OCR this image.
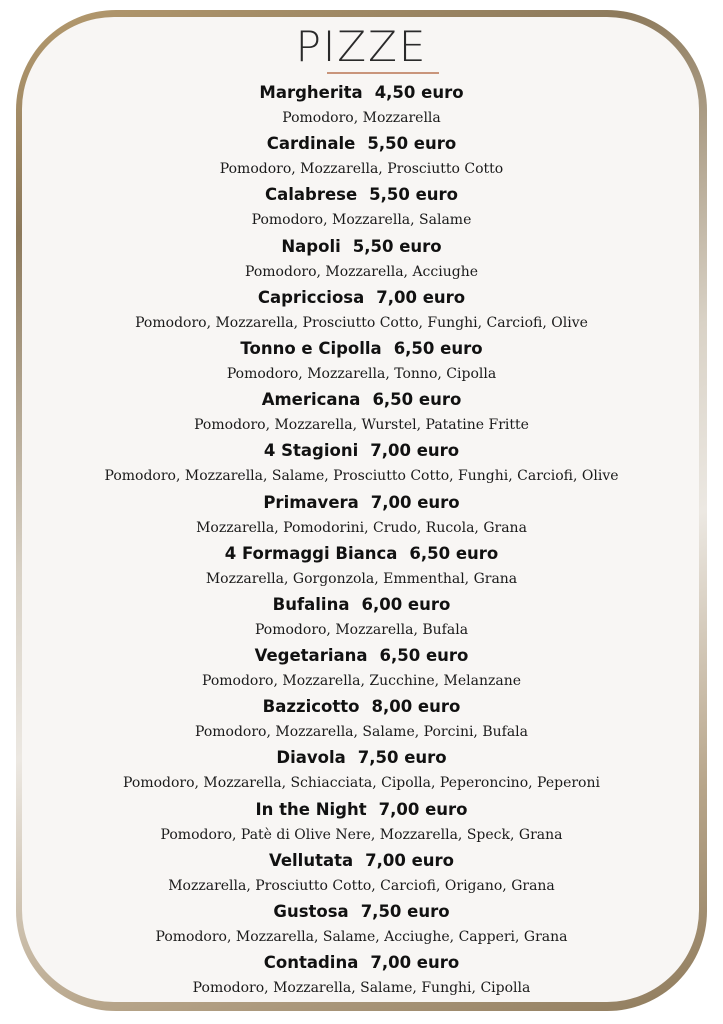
PIZZE
Margherita 4,50 euro
Pomodoro, Mozzarella
Cardinale 5,50 euro
Pomodoro, Mozzarella, Prosciutto Cotto
Calabrese 5,50 euro
Pomodoro, Mozzarella, Salame
Napoli 5,50 euro
Pomodoro, Mozzarella, Acciughe
Capricciosa 7,00 euro
Pomodoro, Mozzarella, Prosciutto Cotto, Funghi, Carciofi, Olive
Tonno e Cipolla 6,50 euro
Pomodoro, Mozzarella, Tonno, Cipolla
Americana 6,50 euro
Pomodoro, Mozzarella, Wurstel, Patatine Fritte
4 Stagioni 7,00 euro
Pomodoro, Mozzarella, Salame, Prosciutto Cotto, Funghi, Carciofi, Olive
Primavera 7,00 euro
Mozzarella, Pomodorini, Crudo, Rucola, Grana
4 Formaggi Bianca 6,50 euro
Mozzarella, Gorgonzola, Emmenthal, Grana
Bufalina 6,00 euro
Pomodoro, Mozzarella, Bufala
Vegetariana 6,50 euro
Pomodoro, Mozzarella, Zucchine, Melanzane
Bazzicotto 8,00 euro
Pomodoro, Mozzarella, Salame, Porcini, Bufala
Diavola 7,50 euro
Pomodoro, Mozzarella, Schiacciata, Cipolla, Peperoncino, Peperoni
In the Night 7,00 euro
Pomodoro, Patè di Olive Nere, Mozzarella, Speck, Grana
Vellutata 7,00 euro
Mozzarella, Prosciutto Cotto, Carciofi, Origano, Grana
Gustosa 7,50 euro
Pomodoro, Mozzarella, Salame, Acciughe, Capperi, Grana
Contadina 7,00 euro
Pomodoro, Mozzarella, Salame, Funghi, Cipolla
